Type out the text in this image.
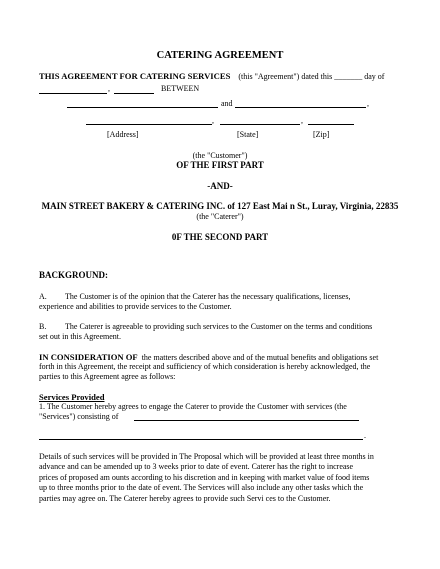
CATERING AGREEMENT
THIS AGREEMENT FOR CATERING SERVICES (this "Agreement") dated this _______ day of
,	BETWEEN
and	,
,	,
[Address]	[State]	[Zip]
(the "Customer")
OF THE FIRST PART
-AND-
MAIN STREET BAKERY & CATERING INC. of 127 East Mai n St., Luray, Virginia, 22835
(the "Caterer")
0F THE SECOND PART
BACKGROUND:
A. The Customer is of the opinion that the Caterer has the necessary qualifications, licenses,
experience and abilities to provide services to the Customer.
B. The Caterer is agreeable to providing such services to the Customer on the terms and conditions
set out in this Agreement.
IN CONSIDERATION OF the matters described above and of the mutual benefits and obligations set
forth in this Agreement, the receipt and sufficiency of which consideration is hereby acknowledged, the
parties to this Agreement agree as follows:
Services Provided
1. The Customer hereby agrees to engage the Caterer to provide the Customer with services (the
"Services") consisting of
.
Details of such services will be provided in The Proposal which will be provided at least three months in
advance and can be amended up to 3 weeks prior to date of event. Caterer has the right to increase
prices of proposed am ounts according to his discretion and in keeping with market value of food items
up to three months prior to the date of event. The Services will also include any other tasks which the
parties may agree on. The Caterer hereby agrees to provide such Servi ces to the Customer.
